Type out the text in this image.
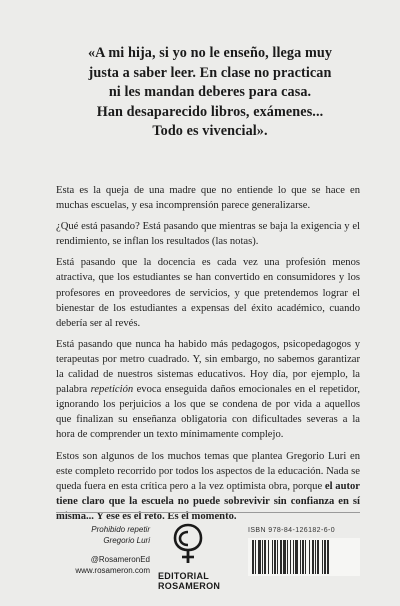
«A mi hija, si yo no le enseño, llega muy
justa a saber leer. En clase no practican
ni les mandan deberes para casa.
Han desaparecido libros, exámenes...
Todo es vivencial».

Esta es la queja de una madre que no entiende lo que se hace en muchas escuelas, y esa incomprensión parece generalizarse.

¿Qué está pasando? Está pasando que mientras se baja la exigencia y el rendimiento, se inflan los resultados (las notas).

Está pasando que la docencia es cada vez una profesión menos atractiva, que los estudiantes se han convertido en consumidores y los profesores en proveedores de servicios, y que pretendemos lograr el bienestar de los estudiantes a expensas del éxito académico, cuando debería ser al revés.

Está pasando que nunca ha habido más pedagogos, psicopedagogos y terapeutas por metro cuadrado. Y, sin embargo, no sabemos garantizar la calidad de nuestros sistemas educativos. Hoy día, por ejemplo, la palabra repetición evoca enseguida daños emocionales en el repetidor, ignorando los perjuicios a los que se condena de por vida a aquellos que finalizan su enseñanza obligatoria con dificultades severas a la hora de comprender un texto mínimamente complejo.

Estos son algunos de los muchos temas que plantea Gregorio Luri en este completo recorrido por todos los aspectos de la educación. Nada se queda fuera en esta crítica pero a la vez optimista obra, porque el autor tiene claro que la escuela no puede sobrevivir sin confianza en sí misma... Y ese es el reto. Es el momento.

Prohibido repetir
Gregorio Luri
@RosameronEd
www.rosameron.com
EDITORIAL
ROSAMERON
ISBN 978-84-126182-6-0
